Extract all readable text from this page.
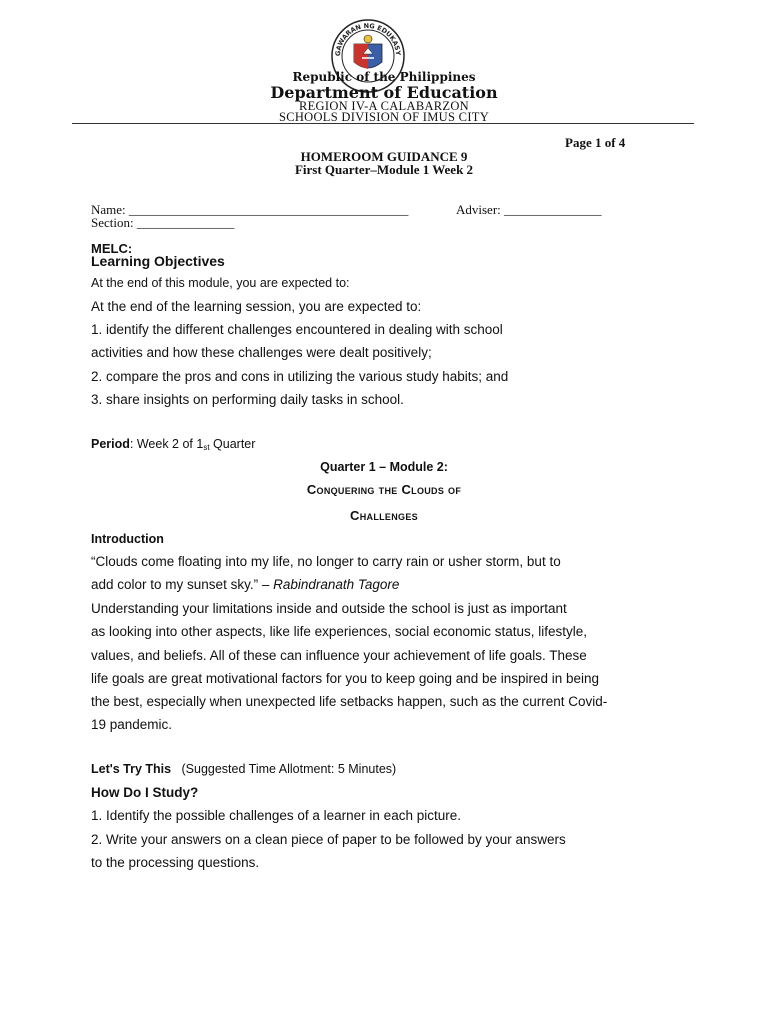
GAWARAN NG EDUKASY
Republic of the Philippines
Department of Education
REGION IV-A CALABARZON
SCHOOLS DIVISION OF IMUS CITY
Page 1 of 4
HOMEROOM GUIDANCE 9
First Quarter–Module 1 Week 2
Name: ___________________________________________	Adviser: _______________
Section: _______________
MELC:
Learning Objectives
At the end of this module, you are expected to:
At the end of the learning session, you are expected to:
1. identify the different challenges encountered in dealing with school
activities and how these challenges were dealt positively;
2. compare the pros and cons in utilizing the various study habits; and
3. share insights on performing daily tasks in school.
Period: Week 2 of $1_{st}$ Quarter
Quarter 1 – Module 2:
Conquering the Clouds of
Challenges
Introduction
“Clouds come floating into my life, no longer to carry rain or usher storm, but to
add color to my sunset sky.” – Rabindranath Tagore
Understanding your limitations inside and outside the school is just as important
as looking into other aspects, like life experiences, social economic status, lifestyle,
values, and beliefs. All of these can influence your achievement of life goals. These
life goals are great motivational factors for you to keep going and be inspired in being
the best, especially when unexpected life setbacks happen, such as the current Covid-
19 pandemic.
Let's Try This (Suggested Time Allotment: 5 Minutes)
How Do I Study?
1. Identify the possible challenges of a learner in each picture.
2. Write your answers on a clean piece of paper to be followed by your answers
to the processing questions.
